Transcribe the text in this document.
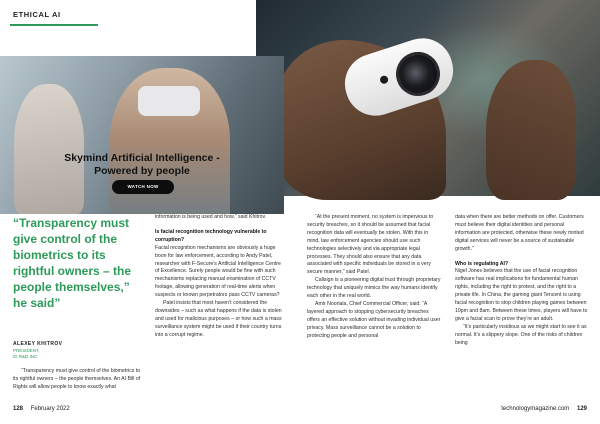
ETHICAL AI
Skymind Artificial Intelligence -
Powered by people
WATCH NOW
“Transparency must give control of the biometrics to its rightful owners – the people themselves,” he said”
ALEXEY KHITROV
PRESIDENT,
ID R&D INC

“Transparency must give control of the biometrics to its rightful owners – the people themselves. An AI Bill of Rights will allow people to know exactly what

information is being used and how,” said Khitrov.

Is facial recognition technology vulnerable to corruption?

Facial recognition mechanisms are obviously a huge boon for law enforcement, according to Andy Patel, researcher with F-Secure’s Artificial Intelligence Centre of Excellence. Surely people would be fine with such mechanisms replacing manual examination of CCTV footage, allowing generation of real-time alerts when suspects or known perpetrators pass CCTV cameras?

Patel insists that most haven’t considered the downsides – such as what happens if the data is stolen and used for malicious purposes – or how such a mass surveillance system might be used if their country turns into a corrupt regime.

“At the present moment, no system is impervious to security breaches, so it should be assumed that facial recognition data will eventually be stolen. With this in mind, law enforcement agencies should use such technologies selectively and via appropriate legal processes. They should also ensure that any data associated with specific individuals be stored in a very secure manner,” said Patel.

Callsign is a pioneering digital trust through proprietary technology that uniquely mimics the way humans identify each other in the real world.

Amir Nooriala, Chief Commercial Officer, said: “A layered approach to stopping cybersecurity breaches offers an effective solution without invading individual user privacy. Mass surveillance cannot be a solution to protecting people and personal

data when there are better methods on offer. Customers must believe their digital identities and personal information are protected, otherwise these newly minted digital services will never be a source of sustainable growth.”

Who is regulating AI?

Nigel Jones believes that the use of facial recognition software has real implications for fundamental human rights, including the right to protest, and the right to a private life. In China, the gaming giant Tencent is using facial recognition to stop children playing games between 10pm and 8am. Between these times, players will have to give a facial scan to prove they’re an adult.

“It’s particularly insidious as we might start to see it as normal. It’s a slippery slope. One of the risks of children being

128 February 2022	technologymagazine.com 129
